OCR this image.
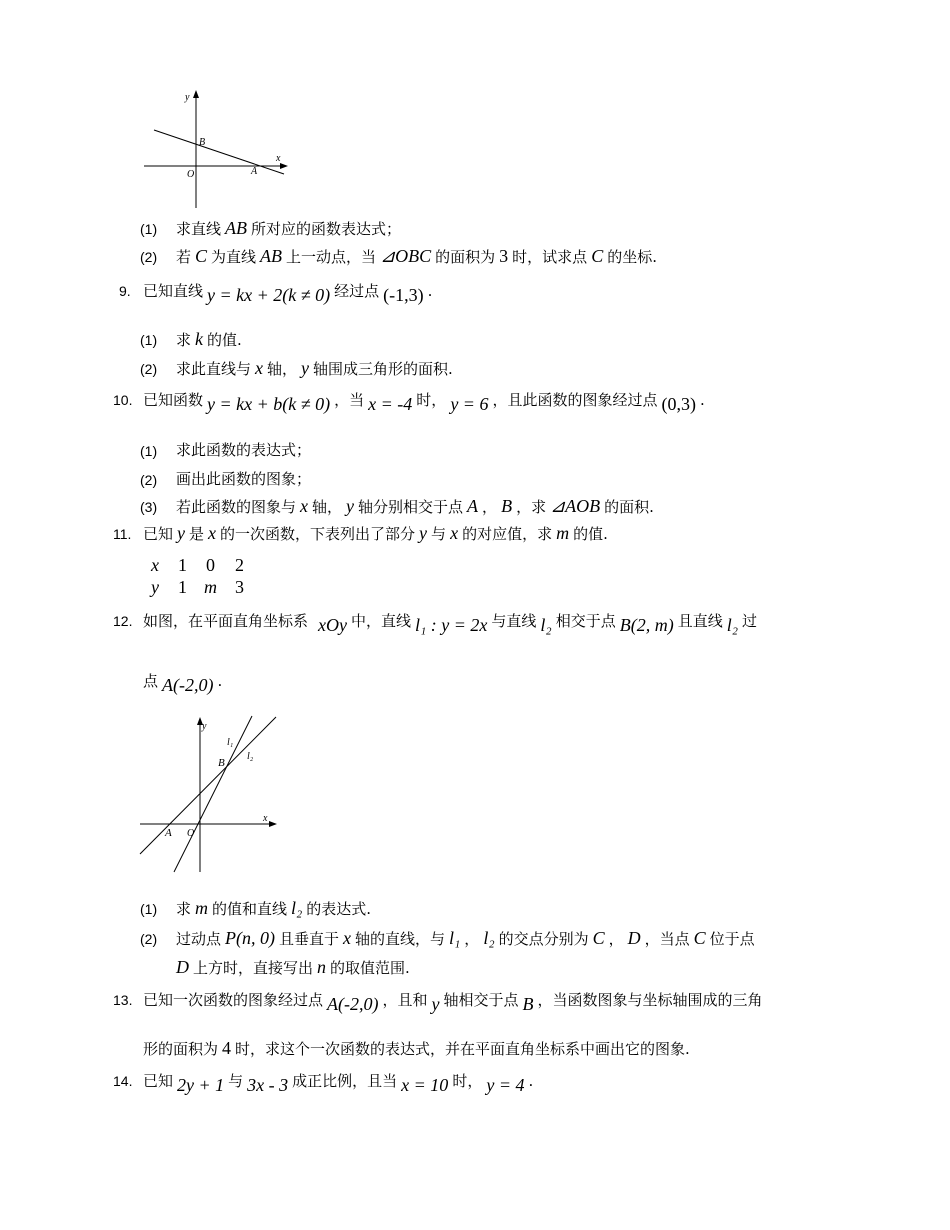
y
x
B
O	A
(1) 求直线 AB 所对应的函数表达式；
(2) 若 C 为直线 AB 上一动点，当 ⊿OBC 的面积为 3 时，试求点 C 的坐标.
9. 已知直线 y = kx + 2(k ≠ 0) 经过点 (-1,3) .
(1) 求 k 的值.
(2) 求此直线与 x 轴， y 轴围成三角形的面积.
10. 已知函数 y = kx + b(k ≠ 0) ，当 x = -4 时， y = 6 ，且此函数的图象经过点 (0,3) .
(1) 求此函数的表达式；
(2) 画出此函数的图象；
(3) 若此函数的图象与 x 轴， y 轴分别相交于点 A ， B ，求 ⊿AOB 的面积.
11. 已知 y 是 x 的一次函数，下表列出了部分 y 与 x 的对应值，求 m 的值.
x 1 0 2
y 1 m 3
12. 如图，在平面直角坐标系 xOy 中，直线 l₁ : y = 2x 与直线 l₂ 相交于点 B(2, m) 且直线 l₂ 过
点 A(-2,0) .
y
l₁
l₂
B
x
A O
(1) 求 m 的值和直线 l₂ 的表达式.
(2) 过动点 P(n, 0) 且垂直于 x 轴的直线，与 l₁ ， l₂ 的交点分别为 C ， D ，当点 C 位于点
D 上方时，直接写出 n 的取值范围.
13. 已知一次函数的图象经过点 A(-2,0) ，且和 y 轴相交于点 B ，当函数图象与坐标轴围成的三角
形的面积为 4 时，求这个一次函数的表达式，并在平面直角坐标系中画出它的图象.
14. 已知 2y + 1 与 3x - 3 成正比例，且当 x = 10 时， y = 4 .
